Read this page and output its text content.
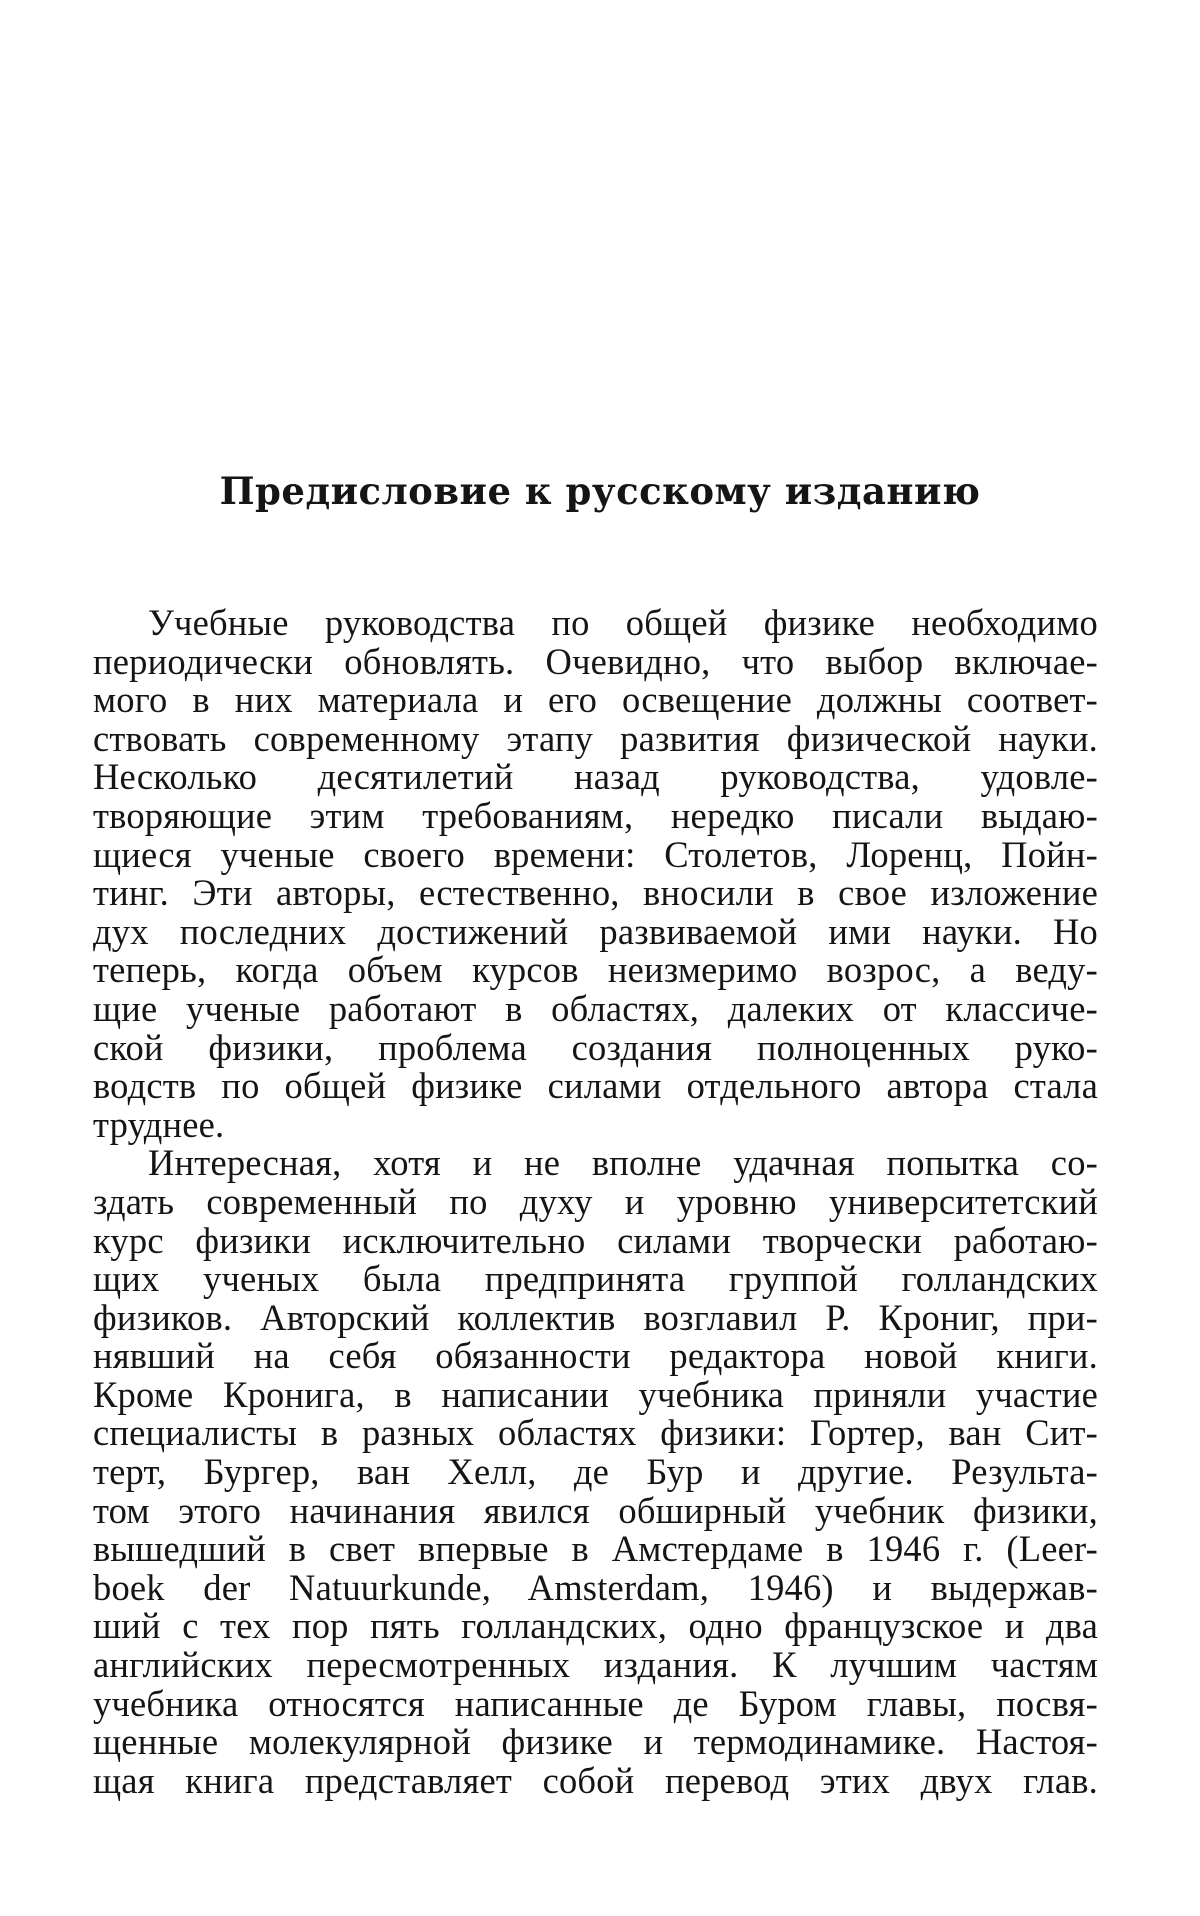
Предисловие к русскому изданию
Учебные руководства по общей физике необходимо
периодически обновлять. Очевидно, что выбор включае-
мого в них материала и его освещение должны соответ-
ствовать современному этапу развития физической науки.
Несколько десятилетий назад руководства, удовле-
творяющие этим требованиям, нередко писали выдаю-
щиеся ученые своего времени: Столетов, Лоренц, Пойн-
тинг. Эти авторы, естественно, вносили в свое изложение
дух последних достижений развиваемой ими науки. Но
теперь, когда объем курсов неизмеримо возрос, а веду-
щие ученые работают в областях, далеких от классиче-
ской физики, проблема создания полноценных руко-
водств по общей физике силами отдельного автора стала
труднее.
Интересная, хотя и не вполне удачная попытка со-
здать современный по духу и уровню университетский
курс физики исключительно силами творчески работаю-
щих ученых была предпринята группой голландских
физиков. Авторский коллектив возглавил Р. Крониг, при-
нявший на себя обязанности редактора новой книги.
Кроме Кронига, в написании учебника приняли участие
специалисты в разных областях физики: Гортер, ван Сит-
терт, Бургер, ван Хелл, де Бур и другие. Результа-
том этого начинания явился обширный учебник физики,
вышедший в свет впервые в Амстердаме в 1946 г. (Leer-
boek der Natuurkunde, Amsterdam, 1946) и выдержав-
ший с тех пор пять голландских, одно французское и два
английских пересмотренных издания. К лучшим частям
учебника относятся написанные де Буром главы, посвя-
щенные молекулярной физике и термодинамике. Настоя-
щая книга представляет собой перевод этих двух глав.
